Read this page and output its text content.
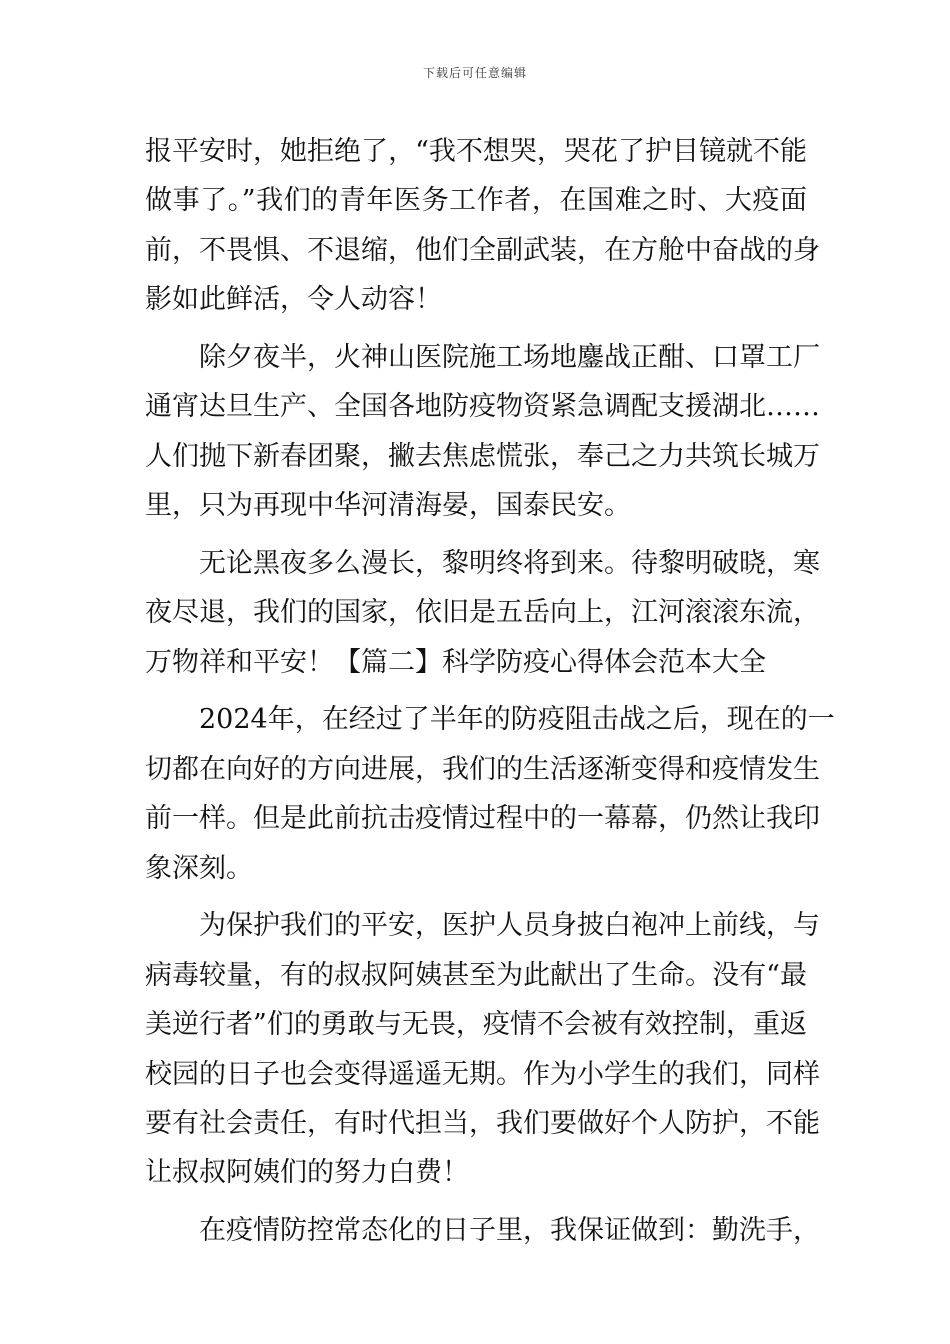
下载后可任意编辑
报平安时，她拒绝了，“我不想哭，哭花了护目镜就不能
做事了。”我们的青年医务工作者，在国难之时、大疫面
前，不畏惧、不退缩，他们全副武装，在方舱中奋战的身
影如此鲜活，令人动容！
　　除夕夜半，火神山医院施工场地鏖战正酣、口罩工厂
通宵达旦生产、全国各地防疫物资紧急调配支援湖北……
人们抛下新春团聚，撇去焦虑慌张，奉己之力共筑长城万
里，只为再现中华河清海晏，国泰民安。
　　无论黑夜多么漫长，黎明终将到来。待黎明破晓，寒
夜尽退，我们的国家，依旧是五岳向上，江河滚滚东流，
万物祥和平安！【篇二】科学防疫心得体会范本大全
　　2024年，在经过了半年的防疫阻击战之后，现在的一
切都在向好的方向进展，我们的生活逐渐变得和疫情发生
前一样。但是此前抗击疫情过程中的一幕幕，仍然让我印
象深刻。
　　为保护我们的平安，医护人员身披白袍冲上前线，与
病毒较量，有的叔叔阿姨甚至为此献出了生命。没有“最
美逆行者”们的勇敢与无畏，疫情不会被有效控制，重返
校园的日子也会变得遥遥无期。作为小学生的我们，同样
要有社会责任，有时代担当，我们要做好个人防护，不能
让叔叔阿姨们的努力白费！
　　在疫情防控常态化的日子里，我保证做到：勤洗手，
